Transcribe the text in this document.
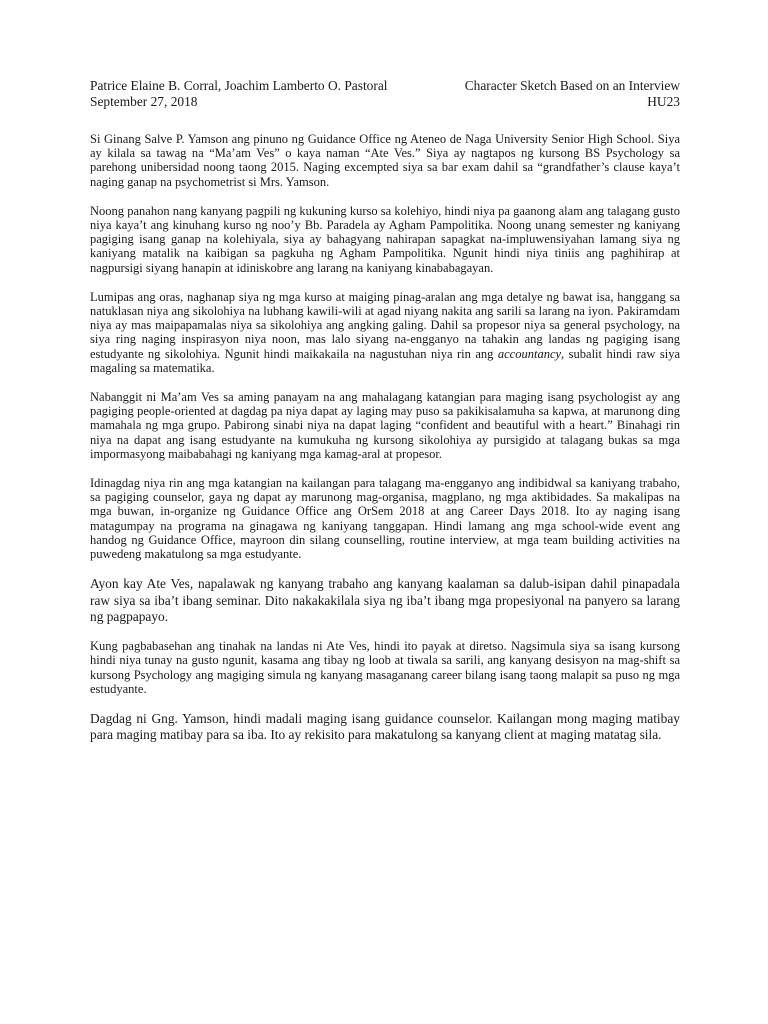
Patrice Elaine B. Corral, Joachim Lamberto O. Pastoral
September 27, 2018
Character Sketch Based on an Interview
HU23

Si Ginang Salve P. Yamson ang pinuno ng Guidance Office ng Ateneo de Naga University Senior High School. Siya ay kilala sa tawag na “Ma’am Ves” o kaya naman “Ate Ves.” Siya ay nagtapos ng kursong BS Psychology sa parehong unibersidad noong taong 2015. Naging excempted siya sa bar exam dahil sa “grandfather’s clause kaya’t naging ganap na psychometrist si Mrs. Yamson.

Noong panahon nang kanyang pagpili ng kukuning kurso sa kolehiyo, hindi niya pa gaanong alam ang talagang gusto niya kaya’t ang kinuhang kurso ng noo’y Bb. Paradela ay Agham Pampolitika. Noong unang semester ng kaniyang pagiging isang ganap na kolehiyala, siya ay bahagyang nahirapan sapagkat na-impluwensiyahan lamang siya ng kaniyang matalik na kaibigan sa pagkuha ng Agham Pampolitika. Ngunit hindi niya tiniis ang paghihirap at nagpursigi siyang hanapin at idiniskobre ang larang na kaniyang kinababagayan.

Lumipas ang oras, naghanap siya ng mga kurso at maiging pinag-aralan ang mga detalye ng bawat isa, hanggang sa natuklasan niya ang sikolohiya na lubhang kawili-wili at agad niyang nakita ang sarili sa larang na iyon. Pakiramdam niya ay mas maipapamalas niya sa sikolohiya ang angking galing. Dahil sa propesor niya sa general psychology, na siya ring naging inspirasyon niya noon, mas lalo siyang na-engganyo na tahakin ang landas ng pagiging isang estudyante ng sikolohiya. Ngunit hindi maikakaila na nagustuhan niya rin ang accountancy, subalit hindi raw siya magaling sa matematika.

Nabanggit ni Ma’am Ves sa aming panayam na ang mahalagang katangian para maging isang psychologist ay ang pagiging people-oriented at dagdag pa niya dapat ay laging may puso sa pakikisalamuha sa kapwa, at marunong ding mamahala ng mga grupo. Pabirong sinabi niya na dapat laging “confident and beautiful with a heart.” Binahagi rin niya na dapat ang isang estudyante na kumukuha ng kursong sikolohiya ay pursigido at talagang bukas sa mga impormasyong maibabahagi ng kaniyang mga kamag-aral at propesor.

Idinagdag niya rin ang mga katangian na kailangan para talagang ma-engganyo ang indibidwal sa kaniyang trabaho, sa pagiging counselor, gaya ng dapat ay marunong mag-organisa, magplano, ng mga aktibidades. Sa makalipas na mga buwan, in-organize ng Guidance Office ang OrSem 2018 at ang Career Days 2018. Ito ay naging isang matagumpay na programa na ginagawa ng kaniyang tanggapan. Hindi lamang ang mga school-wide event ang handog ng Guidance Office, mayroon din silang counselling, routine interview, at mga team building activities na puwedeng makatulong sa mga estudyante.

Ayon kay Ate Ves, napalawak ng kanyang trabaho ang kanyang kaalaman sa dalub-isipan dahil pinapadala raw siya sa iba’t ibang seminar. Dito nakakakilala siya ng iba’t ibang mga propesiyonal na panyero sa larang ng pagpapayo.

Kung pagbabasehan ang tinahak na landas ni Ate Ves, hindi ito payak at diretso. Nagsimula siya sa isang kursong hindi niya tunay na gusto ngunit, kasama ang tibay ng loob at tiwala sa sarili, ang kanyang desisyon na mag-shift sa kursong Psychology ang magiging simula ng kanyang masaganang career bilang isang taong malapit sa puso ng mga estudyante.

Dagdag ni Gng. Yamson, hindi madali maging isang guidance counselor. Kailangan mong maging matibay para maging matibay para sa iba. Ito ay rekisito para makatulong sa kanyang client at maging matatag sila.
